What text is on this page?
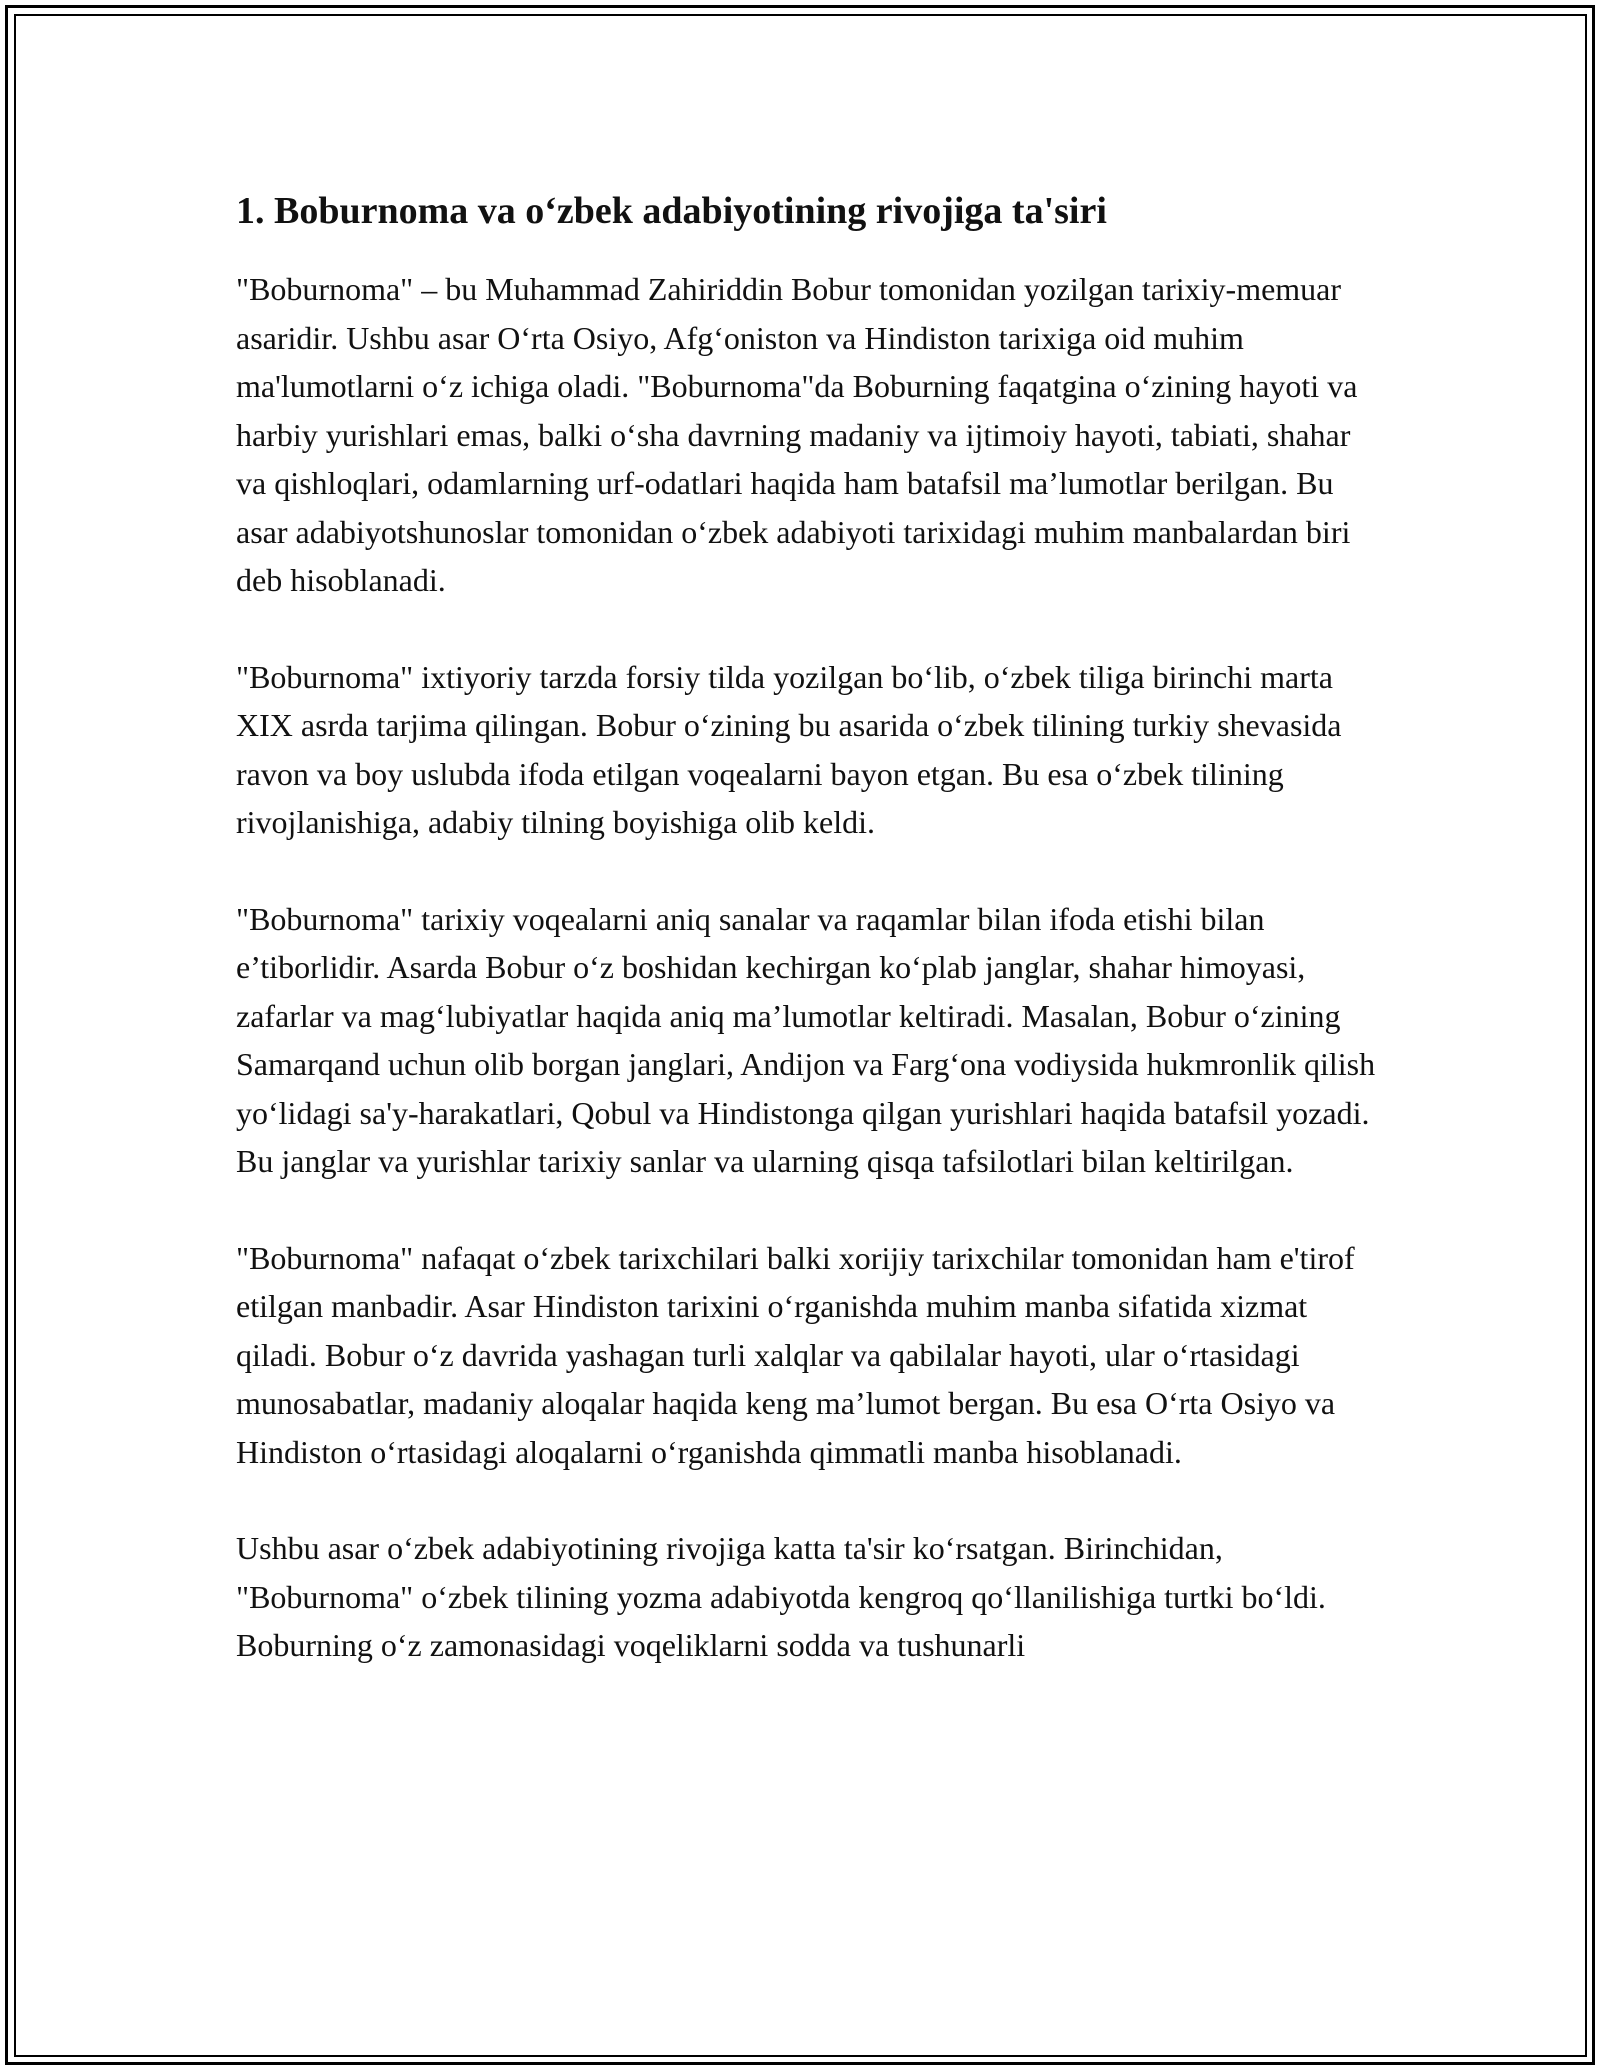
1. Boburnoma va oʻzbek adabiyotining rivojiga ta'siri

"Boburnoma" – bu Muhammad Zahiriddin Bobur tomonidan yozilgan tarixiy-memuar asaridir. Ushbu asar Oʻrta Osiyo, Afgʻoniston va Hindiston tarixiga oid muhim ma'lumotlarni oʻz ichiga oladi. "Boburnoma"da Boburning faqatgina oʻzining hayoti va harbiy yurishlari emas, balki oʻsha davrning madaniy va ijtimoiy hayoti, tabiati, shahar va qishloqlari, odamlarning urf-odatlari haqida ham batafsil ma’lumotlar berilgan. Bu asar adabiyotshunoslar tomonidan oʻzbek adabiyoti tarixidagi muhim manbalardan biri deb hisoblanadi.

"Boburnoma" ixtiyoriy tarzda forsiy tilda yozilgan boʻlib, oʻzbek tiliga birinchi marta XIX asrda tarjima qilingan. Bobur oʻzining bu asarida oʻzbek tilining turkiy shevasida ravon va boy uslubda ifoda etilgan voqealarni bayon etgan. Bu esa oʻzbek tilining rivojlanishiga, adabiy tilning boyishiga olib keldi.

"Boburnoma" tarixiy voqealarni aniq sanalar va raqamlar bilan ifoda etishi bilan e’tiborlidir. Asarda Bobur oʻz boshidan kechirgan koʻplab janglar, shahar himoyasi, zafarlar va magʻlubiyatlar haqida aniq ma’lumotlar keltiradi. Masalan, Bobur oʻzining Samarqand uchun olib borgan janglari, Andijon va Fargʻona vodiysida hukmronlik qilish yoʻlidagi sa'y-harakatlari, Qobul va Hindistonga qilgan yurishlari haqida batafsil yozadi. Bu janglar va yurishlar tarixiy sanlar va ularning qisqa tafsilotlari bilan keltirilgan.

"Boburnoma" nafaqat oʻzbek tarixchilari balki xorijiy tarixchilar tomonidan ham e'tirof etilgan manbadir. Asar Hindiston tarixini oʻrganishda muhim manba sifatida xizmat qiladi. Bobur oʻz davrida yashagan turli xalqlar va qabilalar hayoti, ular oʻrtasidagi munosabatlar, madaniy aloqalar haqida keng ma’lumot bergan. Bu esa Oʻrta Osiyo va Hindiston oʻrtasidagi aloqalarni oʻrganishda qimmatli manba hisoblanadi.

Ushbu asar oʻzbek adabiyotining rivojiga katta ta'sir koʻrsatgan. Birinchidan, "Boburnoma" oʻzbek tilining yozma adabiyotda kengroq qoʻllanilishiga turtki boʻldi. Boburning oʻz zamonasidagi voqeliklarni sodda va tushunarli
